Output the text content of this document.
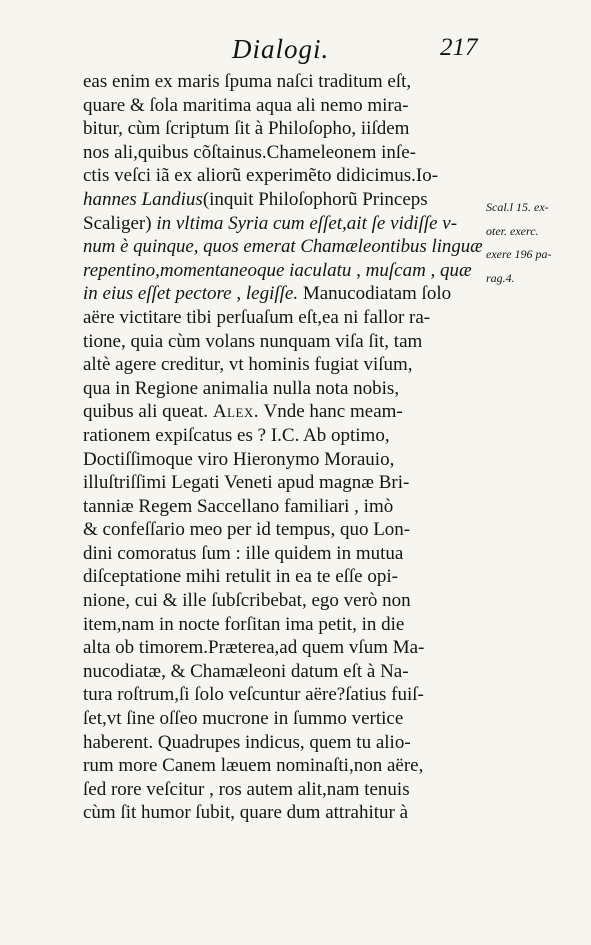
Dialogi.	217
eas enim ex maris ſpuma naſci traditum eſt,
quare & ſola maritima aqua ali nemo mira-
bitur, cùm ſcriptum ſit à Philoſopho, iiſdem
nos ali,quibus cõſtainus.Chameleonem inſe-
ctis veſci iã ex aliorũ experimẽto didicimus.Io-
hannes Landius(inquit Philoſophorũ Princeps
Scaliger) in vltima Syria cum eſſet,ait ſe vidiſſe v-
num è quinque, quos emerat Chamæleontibus linguæ
repentino,momentaneoque iaculatu , muſcam , quæ
in eius eſſet pectore , legiſſe. Manucodiatam ſolo
aëre victitare tibi perſuaſum eſt,ea ni fallor ra-
tione, quia cùm volans nunquam viſa ſit, tam
altè agere creditur, vt hominis fugiat viſum,
qua in Regione animalia nulla nota nobis,
quibus ali queat. Alex. Vnde hanc meam-
rationem expiſcatus es ? I.C. Ab optimo,
Doctiſſimoque viro Hieronymo Morauio,
illuſtriſſimi Legati Veneti apud magnæ Bri-
tanniæ Regem Saccellano familiari , imò
& confeſſario meo per id tempus, quo Lon-
dini comoratus ſum : ille quidem in mutua
diſceptatione mihi retulit in ea te eſſe opi-
nione, cui & ille ſubſcribebat, ego verò non
item,nam in nocte forſitan ima petit, in die
alta ob timorem.Præterea,ad quem vſum Ma-
nucodiatæ, & Chamæleoni datum eſt à Na-
tura roſtrum,ſi ſolo veſcuntur aëre?ſatius fuiſ-
ſet,vt ſine oſſeo mucrone in ſummo vertice
haberent. Quadrupes indicus, quem tu alio-
rum more Canem læuem nominaſti,non aëre,
ſed rore veſcitur , ros autem alit,nam tenuis
cùm ſit humor ſubit, quare dum attrahitur à
Scal.l 15. ex-
oter. exerc.
exere 196 pa-
rag.4.
